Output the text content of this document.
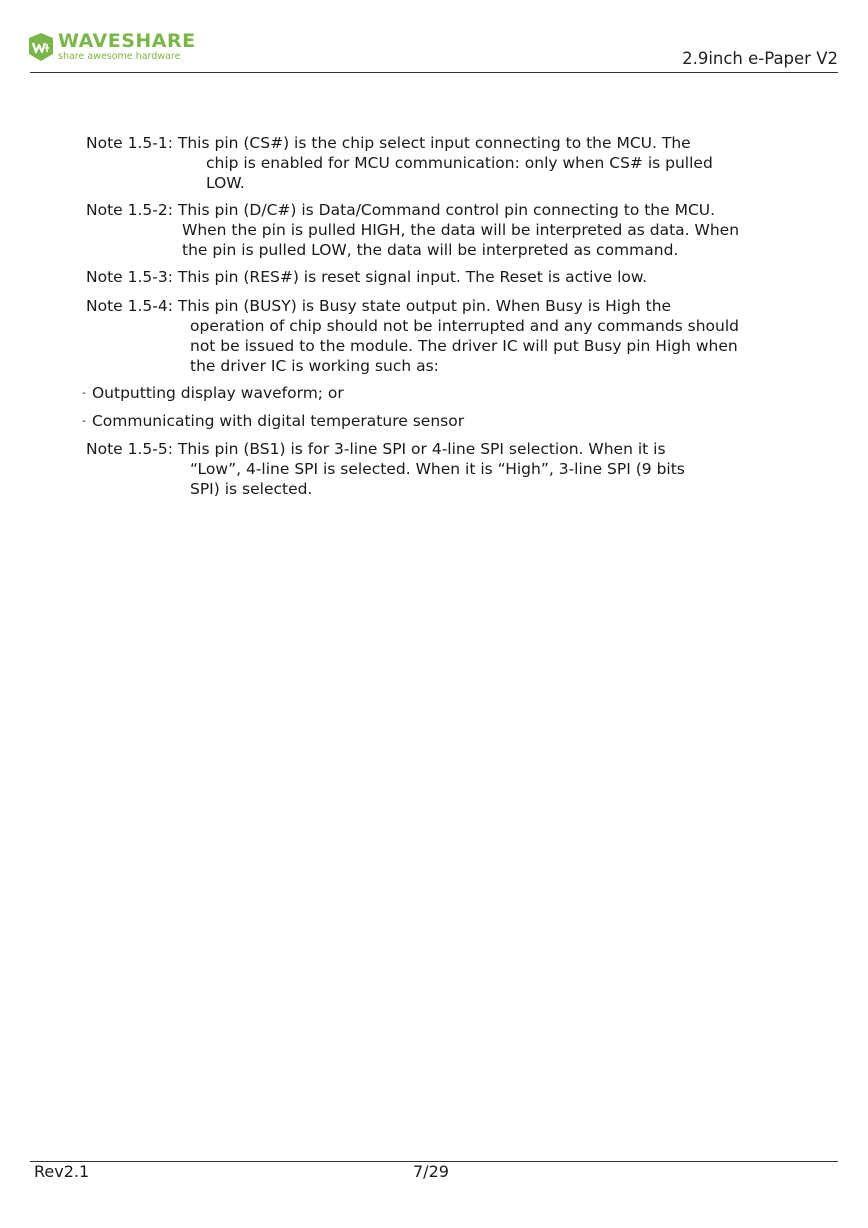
WAVESHARE
share awesome hardware	2.9inch e-Paper V2
Note 1.5-1: This pin (CS#) is the chip select input connecting to the MCU. The
chip is enabled for MCU communication: only when CS# is pulled
LOW.
Note 1.5-2: This pin (D/C#) is Data/Command control pin connecting to the MCU.
When the pin is pulled HIGH, the data will be interpreted as data. When
the pin is pulled LOW, the data will be interpreted as command.
Note 1.5-3: This pin (RES#) is reset signal input. The Reset is active low.
Note 1.5-4: This pin (BUSY) is Busy state output pin. When Busy is High the
operation of chip should not be interrupted and any commands should
not be issued to the module. The driver IC will put Busy pin High when
the driver IC is working such as:
- Outputting display waveform; or
- Communicating with digital temperature sensor
Note 1.5-5: This pin (BS1) is for 3-line SPI or 4-line SPI selection. When it is
“Low”, 4-line SPI is selected. When it is “High”, 3-line SPI (9 bits
SPI) is selected.
Rev2.1	7/29
